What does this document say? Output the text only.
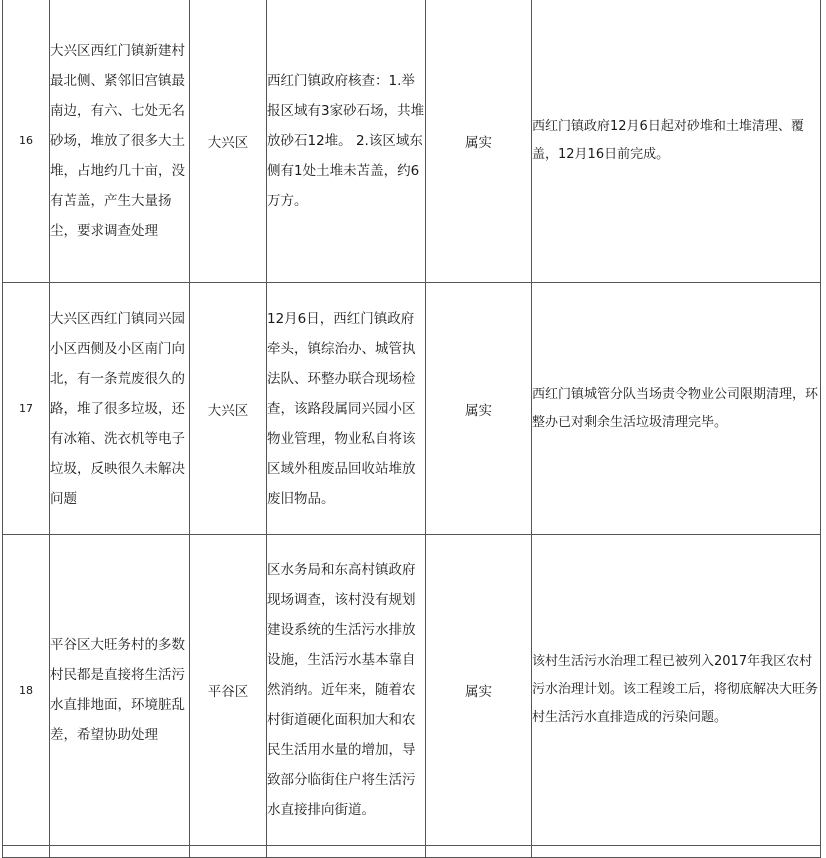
16	大兴区西红门镇新建村最北侧、紧邻旧宫镇最南边，有六、七处无名砂场，堆放了很多大土堆，占地约几十亩，没有苫盖，产生大量扬尘，要求调查处理	大兴区	西红门镇政府核查：1.举报区域有3家砂石场，共堆放砂石12堆。 2.该区域东侧有1处土堆未苫盖，约6万方。	属实	西红门镇政府12月6日起对砂堆和土堆清理、覆盖，12月16日前完成。
17	大兴区西红门镇同兴园小区西侧及小区南门向北，有一条荒废很久的路，堆了很多垃圾，还有冰箱、洗衣机等电子垃圾，反映很久未解决问题	大兴区	12月6日，西红门镇政府牵头，镇综治办、城管执法队、环整办联合现场检查，该路段属同兴园小区物业管理，物业私自将该区域外租废品回收站堆放废旧物品。	属实	西红门镇城管分队当场责令物业公司限期清理，环整办已对剩余生活垃圾清理完毕。
18	平谷区大旺务村的多数村民都是直接将生活污水直排地面，环境脏乱差，希望协助处理	平谷区	区水务局和东高村镇政府现场调查，该村没有规划建设系统的生活污水排放设施，生活污水基本靠自然消纳。近年来，随着农村街道硬化面积加大和农民生活用水量的增加，导致部分临街住户将生活污水直接排向街道。	属实	该村生活污水治理工程已被列入2017年我区农村污水治理计划。该工程竣工后，将彻底解决大旺务村生活污水直排造成的污染问题。
